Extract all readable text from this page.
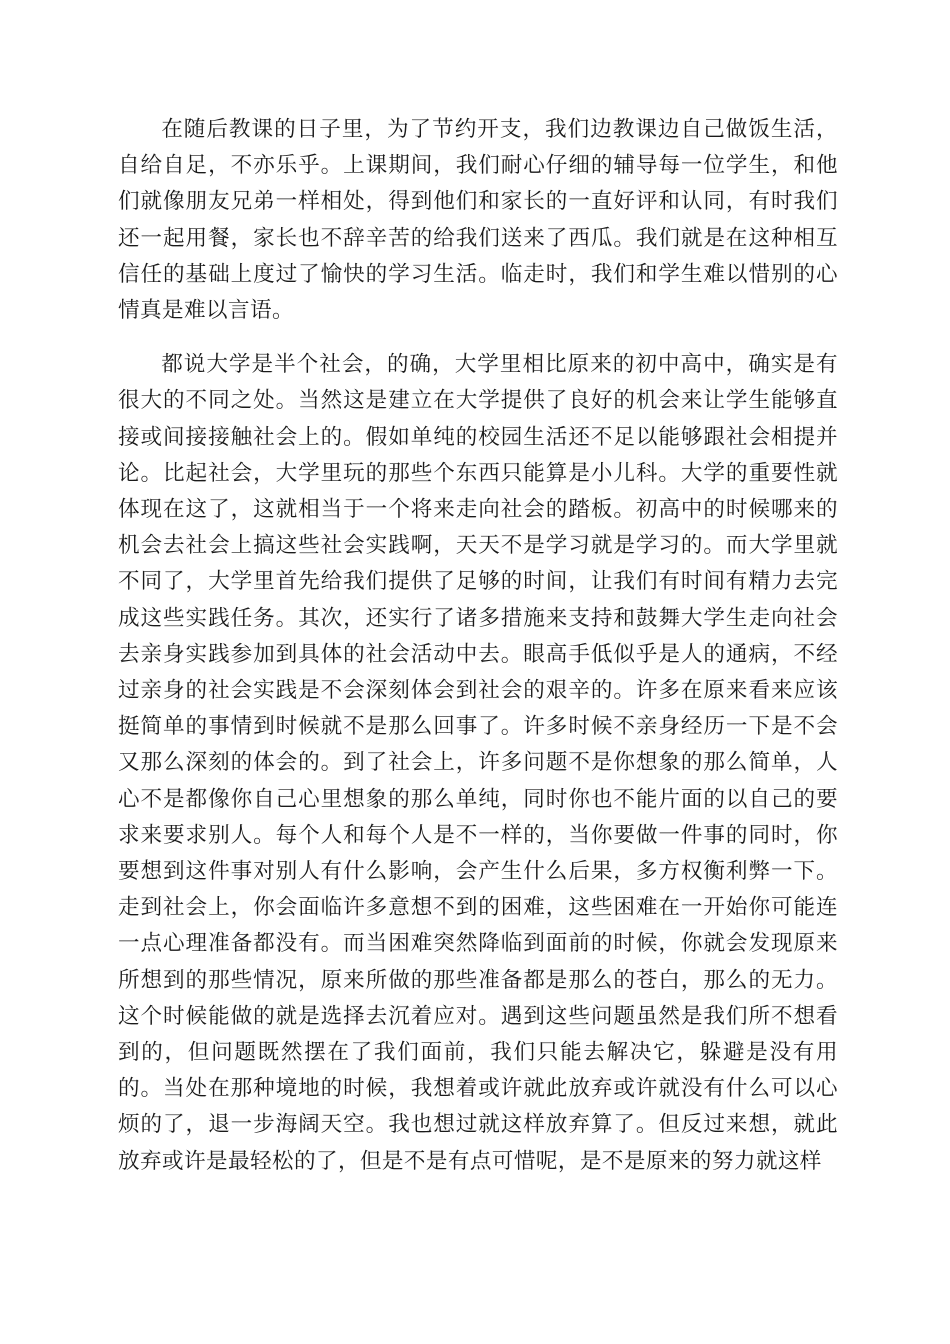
在随后教课的日子里，为了节约开支，我们边教课边自己做饭生活，自给自足，不亦乐乎。上课期间，我们耐心仔细的辅导每一位学生，和他们就像朋友兄弟一样相处，得到他们和家长的一直好评和认同，有时我们还一起用餐，家长也不辞辛苦的给我们送来了西瓜。我们就是在这种相互信任的基础上度过了愉快的学习生活。临走时，我们和学生难以惜别的心情真是难以言语。

都说大学是半个社会，的确，大学里相比原来的初中高中，确实是有很大的不同之处。当然这是建立在大学提供了良好的机会来让学生能够直接或间接接触社会上的。假如单纯的校园生活还不足以能够跟社会相提并论。比起社会，大学里玩的那些个东西只能算是小儿科。大学的重要性就体现在这了，这就相当于一个将来走向社会的踏板。初高中的时候哪来的机会去社会上搞这些社会实践啊，天天不是学习就是学习的。而大学里就不同了，大学里首先给我们提供了足够的时间，让我们有时间有精力去完成这些实践任务。其次，还实行了诸多措施来支持和鼓舞大学生走向社会去亲身实践参加到具体的社会活动中去。眼高手低似乎是人的通病，不经过亲身的社会实践是不会深刻体会到社会的艰辛的。许多在原来看来应该挺简单的事情到时候就不是那么回事了。许多时候不亲身经历一下是不会又那么深刻的体会的。到了社会上，许多问题不是你想象的那么简单，人心不是都像你自己心里想象的那么单纯，同时你也不能片面的以自己的要求来要求别人。每个人和每个人是不一样的，当你要做一件事的同时，你要想到这件事对别人有什么影响，会产生什么后果，多方权衡利弊一下。走到社会上，你会面临许多意想不到的困难，这些困难在一开始你可能连一点心理准备都没有。而当困难突然降临到面前的时候，你就会发现原来所想到的那些情况，原来所做的那些准备都是那么的苍白，那么的无力。这个时候能做的就是选择去沉着应对。遇到这些问题虽然是我们所不想看到的，但问题既然摆在了我们面前，我们只能去解决它，躲避是没有用的。当处在那种境地的时候，我想着或许就此放弃或许就没有什么可以心烦的了，退一步海阔天空。我也想过就这样放弃算了。但反过来想，就此放弃或许是最轻松的了，但是不是有点可惜呢，是不是原来的努力就这样
